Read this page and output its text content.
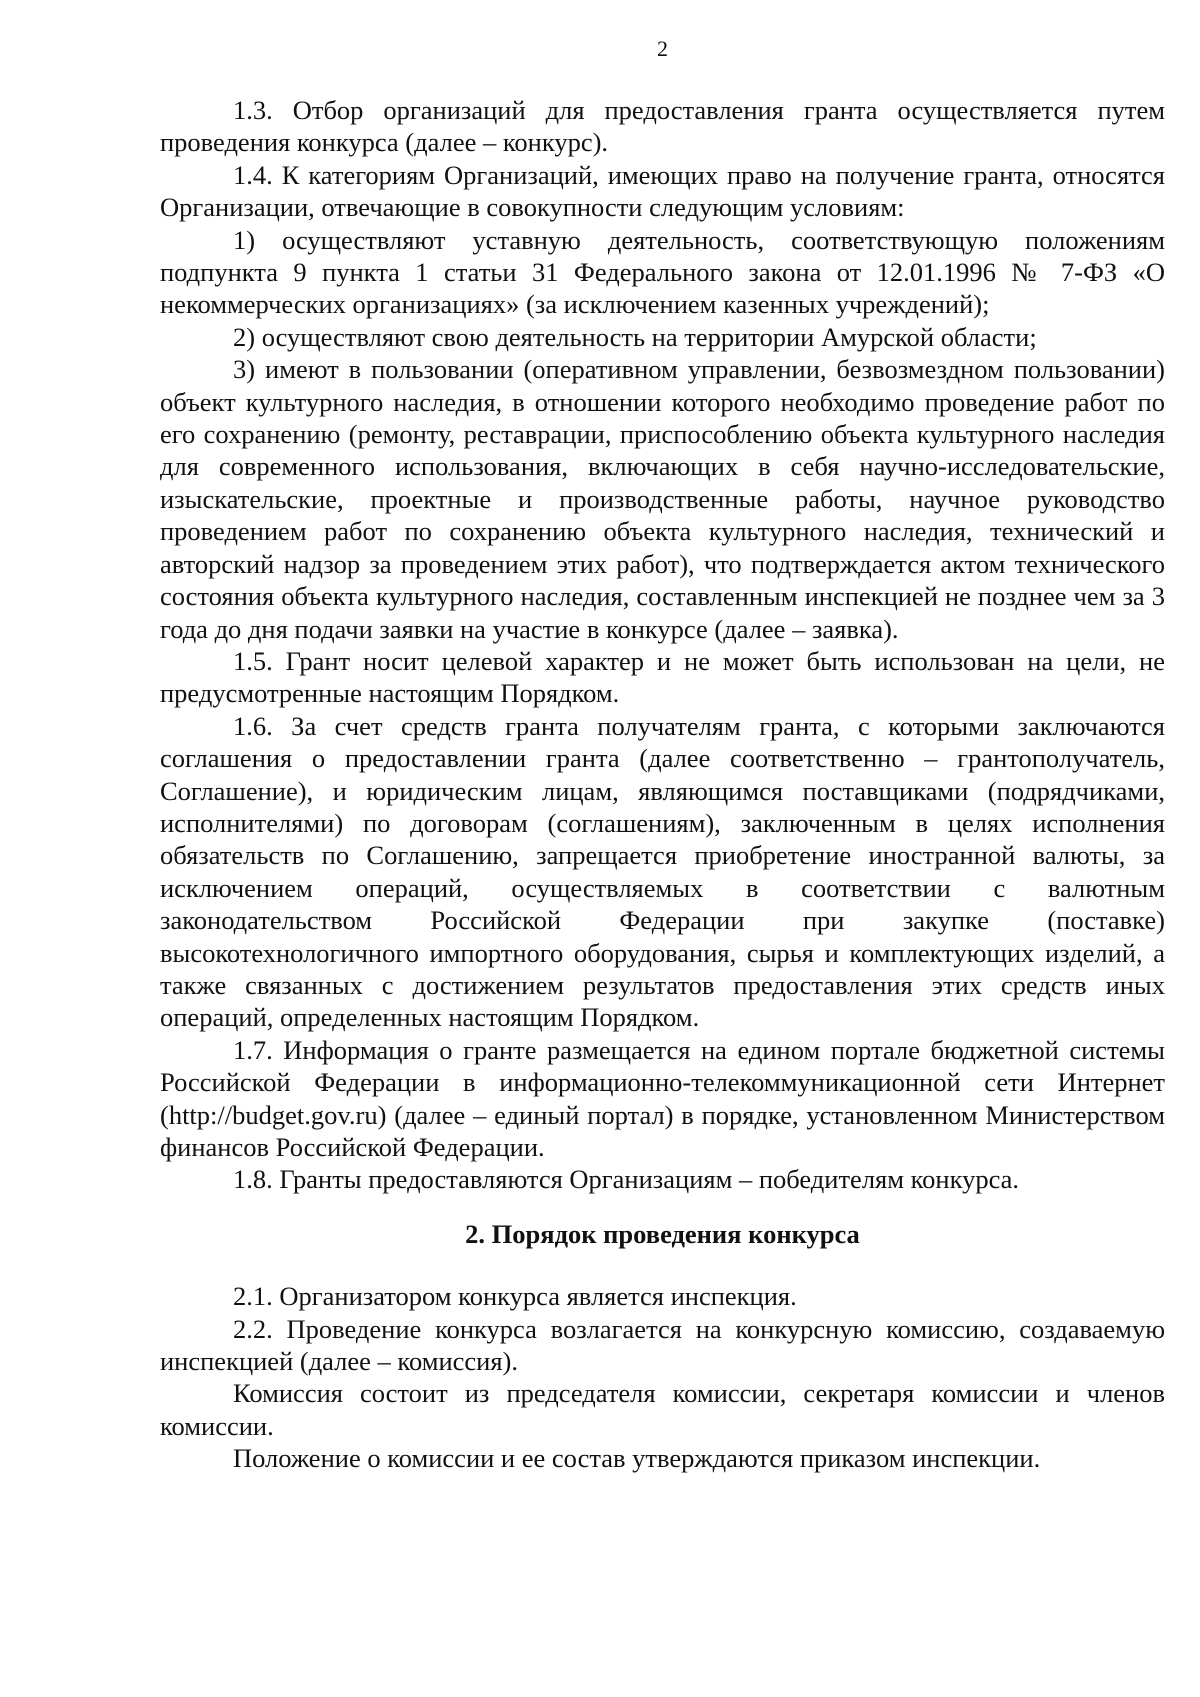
2

1.3. Отбор организаций для предоставления гранта осуществляется путем проведения конкурса (далее – конкурс).

1.4. К категориям Организаций, имеющих право на получение гранта, относятся Организации, отвечающие в совокупности следующим условиям:

1) осуществляют уставную деятельность, соответствующую положениям подпункта 9 пункта 1 статьи 31 Федерального закона от 12.01.1996 № 7-ФЗ «О некоммерческих организациях» (за исключением казенных учреждений);

2) осуществляют свою деятельность на территории Амурской области;

3) имеют в пользовании (оперативном управлении, безвозмездном пользовании) объект культурного наследия, в отношении которого необходимо проведение работ по его сохранению (ремонту, реставрации, приспособлению объекта культурного наследия для современного использования, включающих в себя научно-исследовательские, изыскательские, проектные и производственные работы, научное руководство проведением работ по сохранению объекта культурного наследия, технический и авторский надзор за проведением этих работ), что подтверждается актом технического состояния объекта культурного наследия, составленным инспекцией не позднее чем за 3 года до дня подачи заявки на участие в конкурсе (далее – заявка).

1.5. Грант носит целевой характер и не может быть использован на цели, не предусмотренные настоящим Порядком.

1.6. За счет средств гранта получателям гранта, с которыми заключаются соглашения о предоставлении гранта (далее соответственно – грантополучатель, Соглашение), и юридическим лицам, являющимся поставщиками (подрядчиками, исполнителями) по договорам (соглашениям), заключенным в целях исполнения обязательств по Соглашению, запрещается приобретение иностранной валюты, за исключением операций, осуществляемых в соответствии с валютным законодательством Российской Федерации при закупке (поставке) высокотехнологичного импортного оборудования, сырья и комплектующих изделий, а также связанных с достижением результатов предоставления этих средств иных операций, определенных настоящим Порядком.

1.7. Информация о гранте размещается на едином портале бюджетной системы Российской Федерации в информационно-телекоммуникационной сети Интернет (http://budget.gov.ru) (далее – единый портал) в порядке, установленном Министерством финансов Российской Федерации.

1.8. Гранты предоставляются Организациям – победителям конкурса.

2. Порядок проведения конкурса

2.1. Организатором конкурса является инспекция.

2.2. Проведение конкурса возлагается на конкурсную комиссию, создаваемую инспекцией (далее – комиссия).

Комиссия состоит из председателя комиссии, секретаря комиссии и членов комиссии.

Положение о комиссии и ее состав утверждаются приказом инспекции.
